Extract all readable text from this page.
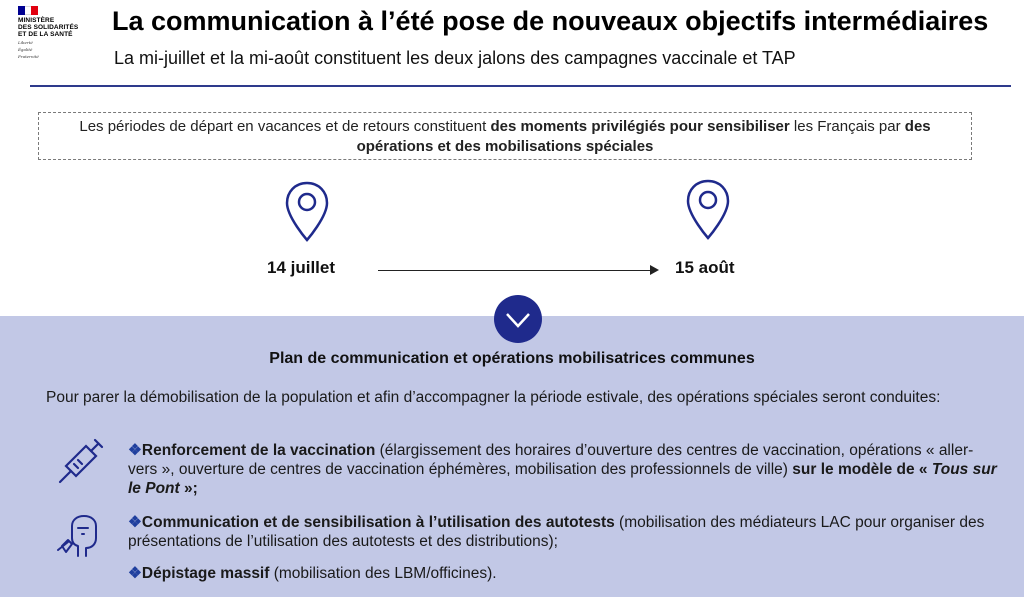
MINISTÈRE
DES SOLIDARITÉS
ET DE LA SANTÉ
Liberté
Égalité
Fraternité
La communication à l’été pose de nouveaux objectifs intermédiaires
La mi-juillet et la mi-août constituent les deux jalons des campagnes vaccinale et TAP
Les périodes de départ en vacances et de retours constituent des moments privilégiés pour sensibiliser les Français par des opérations et des mobilisations spéciales
14 juillet	15 août
Plan de communication et opérations mobilisatrices communes
Pour parer la démobilisation de la population et afin d’accompagner la période estivale, des opérations spéciales seront conduites:
❖Renforcement de la vaccination (élargissement des horaires d’ouverture des centres de vaccination, opérations « aller-vers », ouverture de centres de vaccination éphémères, mobilisation des professionnels de ville) sur le modèle de « Tous sur le Pont »;
❖Communication et de sensibilisation à l’utilisation des autotests (mobilisation des médiateurs LAC pour organiser des présentations de l’utilisation des autotests et des distributions);
❖Dépistage massif (mobilisation des LBM/officines).
